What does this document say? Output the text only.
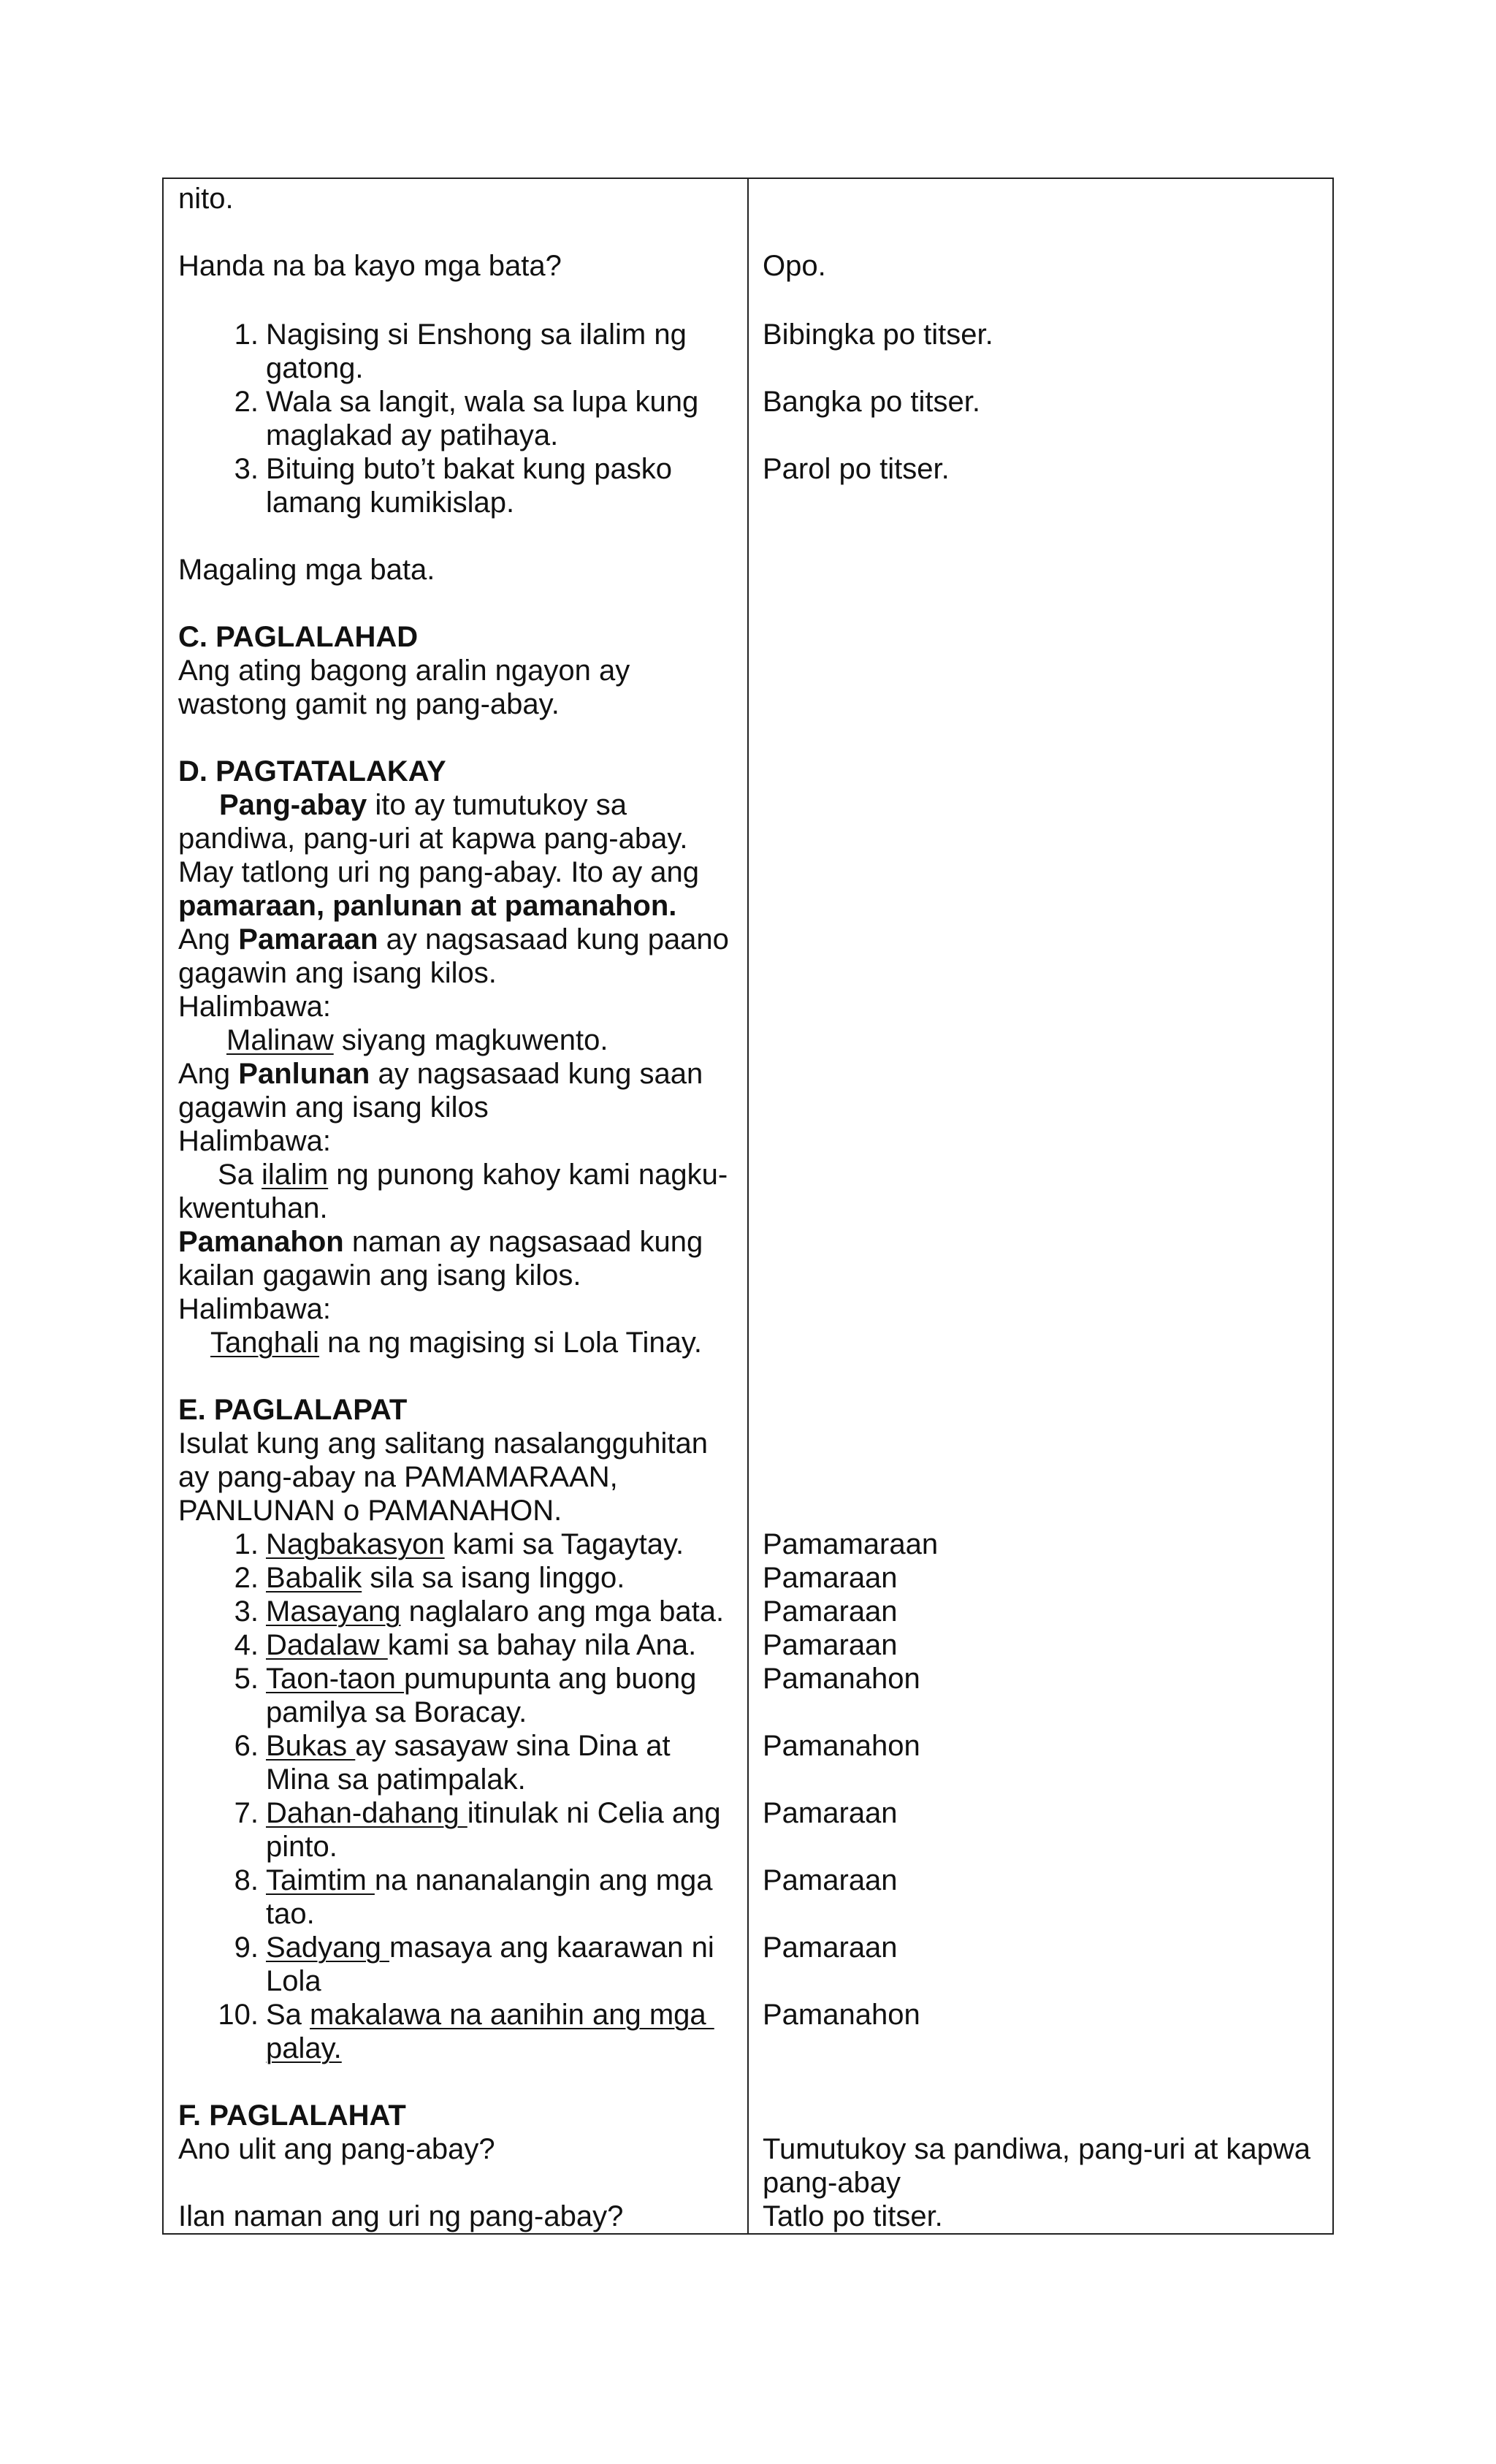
nito.
Handa na ba kayo mga bata?
1. Nagising si Enshong sa ilalim ng
gatong.
2. Wala sa langit, wala sa lupa kung
maglakad ay patihaya.
3. Bituing buto’t bakat kung pasko
lamang kumikislap.
Magaling mga bata.
C. PAGLALAHAD
Ang ating bagong aralin ngayon ay
wastong gamit ng pang-abay.
D. PAGTATALAKAY
Pang-abay ito ay tumutukoy sa
pandiwa, pang-uri at kapwa pang-abay.
May tatlong uri ng pang-abay. Ito ay ang
pamaraan, panlunan at pamanahon.
Ang Pamaraan ay nagsasaad kung paano
gagawin ang isang kilos.
Halimbawa:
Malinaw siyang magkuwento.
Ang Panlunan ay nagsasaad kung saan
gagawin ang isang kilos
Halimbawa:
Sa ilalim ng punong kahoy kami nagku-
kwentuhan.
Pamanahon naman ay nagsasaad kung
kailan gagawin ang isang kilos.
Halimbawa:
Tanghali na ng magising si Lola Tinay.
E. PAGLALAPAT
Isulat kung ang salitang nasalangguhitan
ay pang-abay na PAMAMARAAN,
PANLUNAN o PAMANAHON.
1. Nagbakasyon kami sa Tagaytay.
2. Babalik sila sa isang linggo.
3. Masayang naglalaro ang mga bata.
4. Dadalaw kami sa bahay nila Ana.
5. Taon-taon pumupunta ang buong
pamilya sa Boracay.
6. Bukas ay sasayaw sina Dina at
Mina sa patimpalak.
7. Dahan-dahang itinulak ni Celia ang
pinto.
8. Taimtim na nananalangin ang mga
tao.
9. Sadyang masaya ang kaarawan ni
Lola
10. Sa makalawa na aanihin ang mga
palay.
F. PAGLALAHAT
Ano ulit ang pang-abay?
Ilan naman ang uri ng pang-abay?
Opo.
Bibingka po titser.
Bangka po titser.
Parol po titser.
Pamamaraan
Pamaraan
Pamaraan
Pamaraan
Pamanahon
Pamanahon
Pamaraan
Pamaraan
Pamaraan
Pamanahon
Tumutukoy sa pandiwa, pang-uri at kapwa
pang-abay
Tatlo po titser.
